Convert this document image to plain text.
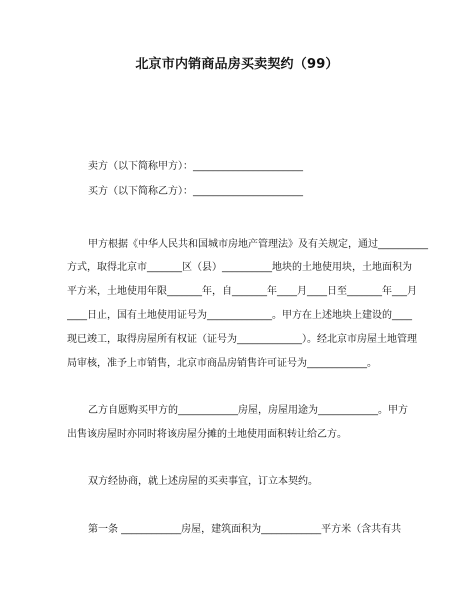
北京市内销商品房买卖契约（99）
卖方（以下简称甲方）：______________________
买方（以下简称乙方）：______________________
甲方根据《中华人民共和国城市房地产管理法》及有关规定，通过__________
方式，取得北京市_______区（县）__________地块的土地使用块，土地面积为
平方米，土地使用年限_______年，自_______年____月____日至_______年___月
____日止，国有土地使用证号为_____________。甲方在上述地块上建设的____
现已竣工，取得房屋所有权证（证号为_____________）。经北京市房屋土地管理
局审核，准予上市销售，北京市商品房销售许可证号为____________。
乙方自愿购买甲方的____________房屋，房屋用途为____________。甲方
出售该房屋时亦同时将该房屋分摊的土地使用面积转让给乙方。
双方经协商，就上述房屋的买卖事宜，订立本契约。
第一条 ____________房屋，建筑面积为____________平方米（含共有共
